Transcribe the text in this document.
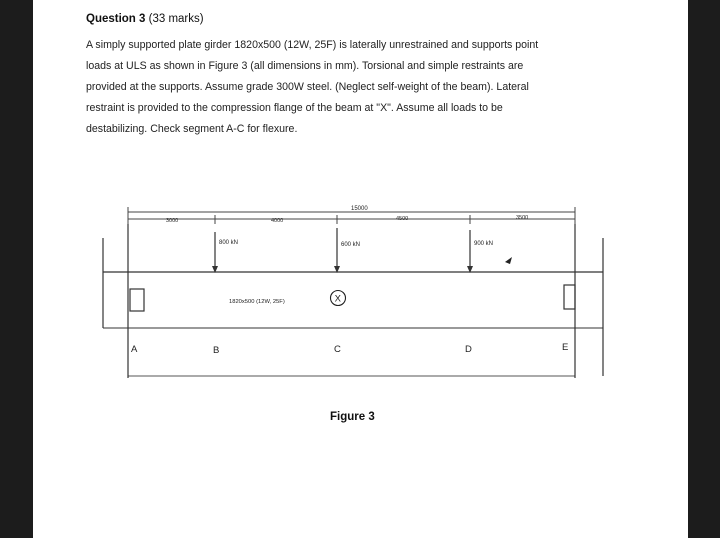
Question 3 (33 marks)
A simply supported plate girder 1820x500 (12W, 25F) is laterally unrestrained and supports point
loads at ULS as shown in Figure 3 (all dimensions in mm). Torsional and simple restraints are
provided at the supports. Assume grade 300W steel. (Neglect self-weight of the beam). Lateral
restraint is provided to the compression flange of the beam at "X". Assume all loads to be
destabilizing. Check segment A-C for flexure.
15000
3000	4000	4500	3500
800 kN	600 kN	900 kN
1820x500 (12W, 25F)	X
A	B	C	D	E
Figure 3
